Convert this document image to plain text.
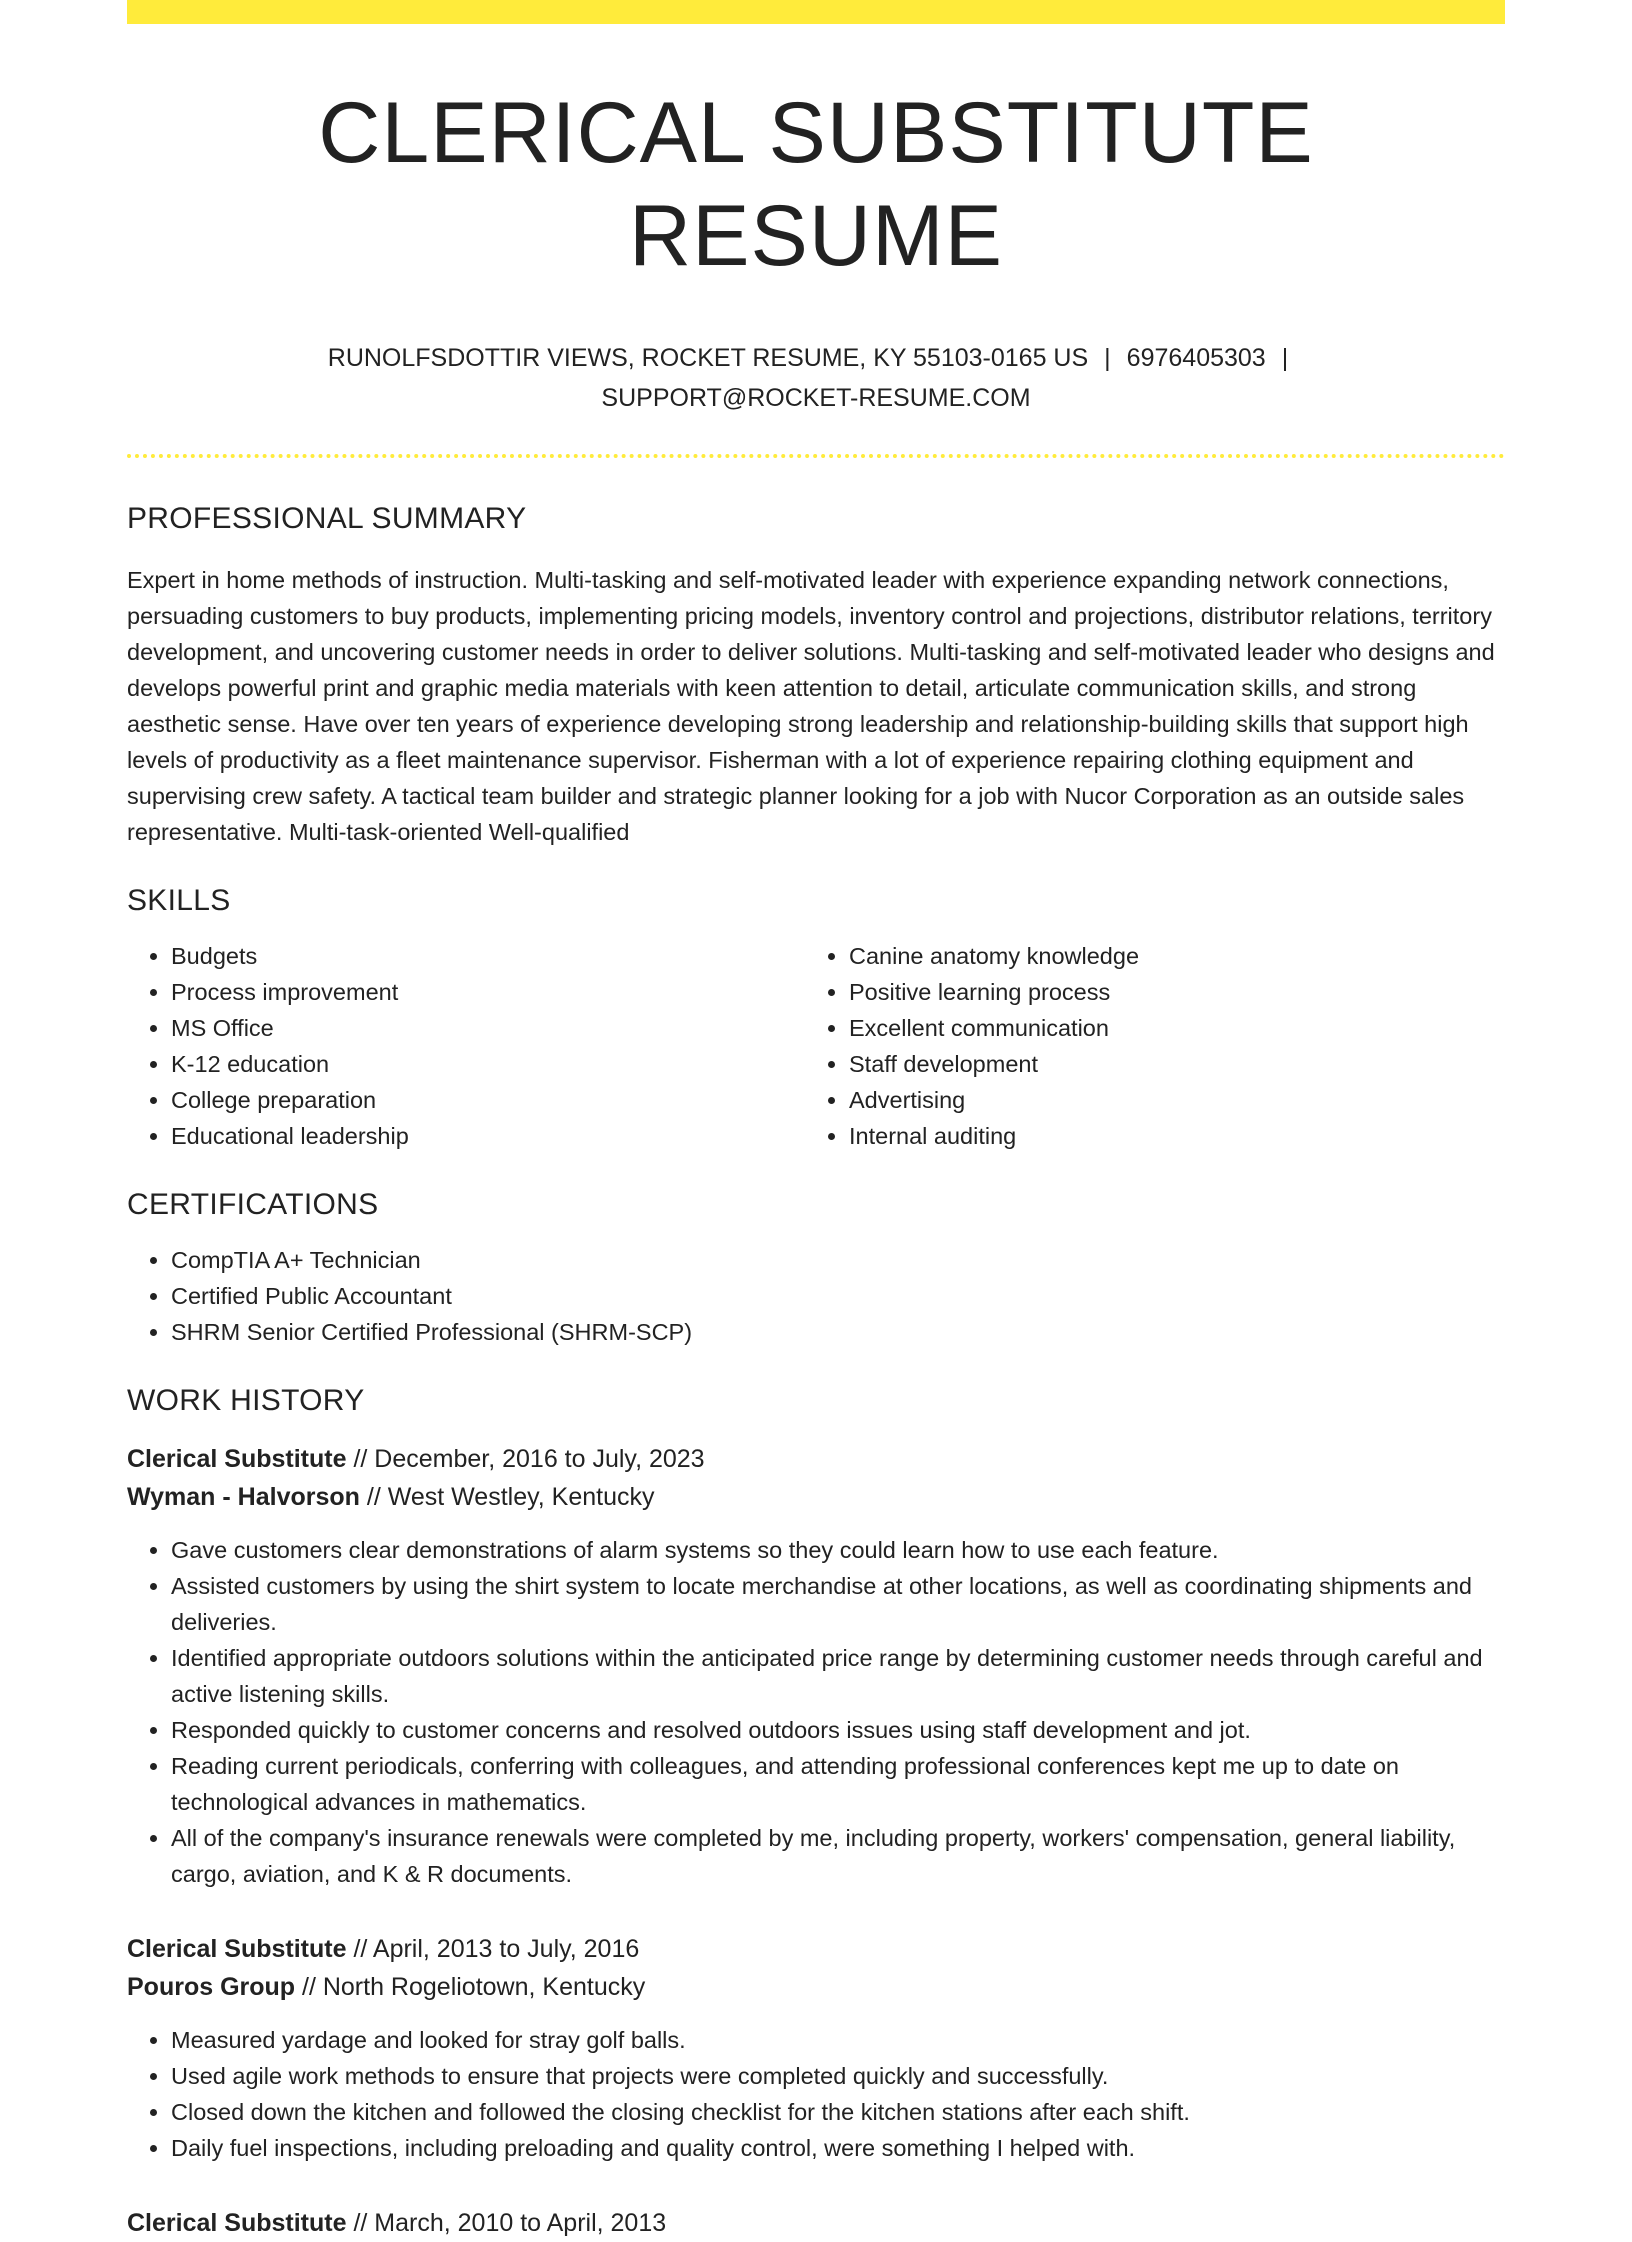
CLERICAL SUBSTITUTE RESUME
RUNOLFSDOTTIR VIEWS, ROCKET RESUME, KY 55103-0165 US | 6976405303 |
SUPPORT@ROCKET-RESUME.COM
PROFESSIONAL SUMMARY
Expert in home methods of instruction. Multi-tasking and self-motivated leader with experience expanding network connections, persuading customers to buy products, implementing pricing models, inventory control and projections, distributor relations, territory development, and uncovering customer needs in order to deliver solutions. Multi-tasking and self-motivated leader who designs and develops powerful print and graphic media materials with keen attention to detail, articulate communication skills, and strong aesthetic sense. Have over ten years of experience developing strong leadership and relationship-building skills that support high levels of productivity as a fleet maintenance supervisor. Fisherman with a lot of experience repairing clothing equipment and supervising crew safety. A tactical team builder and strategic planner looking for a job with Nucor Corporation as an outside sales representative. Multi-task-oriented Well-qualified
SKILLS
• Budgets
• Process improvement
• MS Office
• K-12 education
• College preparation
• Educational leadership
• Canine anatomy knowledge
• Positive learning process
• Excellent communication
• Staff development
• Advertising
• Internal auditing
CERTIFICATIONS
• CompTIA A+ Technician
• Certified Public Accountant
• SHRM Senior Certified Professional (SHRM-SCP)
WORK HISTORY
Clerical Substitute // December, 2016 to July, 2023
Wyman - Halvorson // West Westley, Kentucky
• Gave customers clear demonstrations of alarm systems so they could learn how to use each feature.
• Assisted customers by using the shirt system to locate merchandise at other locations, as well as coordinating shipments and deliveries.
• Identified appropriate outdoors solutions within the anticipated price range by determining customer needs through careful and active listening skills.
• Responded quickly to customer concerns and resolved outdoors issues using staff development and jot.
• Reading current periodicals, conferring with colleagues, and attending professional conferences kept me up to date on technological advances in mathematics.
• All of the company's insurance renewals were completed by me, including property, workers' compensation, general liability, cargo, aviation, and K & R documents.
Clerical Substitute // April, 2013 to July, 2016
Pouros Group // North Rogeliotown, Kentucky
• Measured yardage and looked for stray golf balls.
• Used agile work methods to ensure that projects were completed quickly and successfully.
• Closed down the kitchen and followed the closing checklist for the kitchen stations after each shift.
• Daily fuel inspections, including preloading and quality control, were something I helped with.
Clerical Substitute // March, 2010 to April, 2013
